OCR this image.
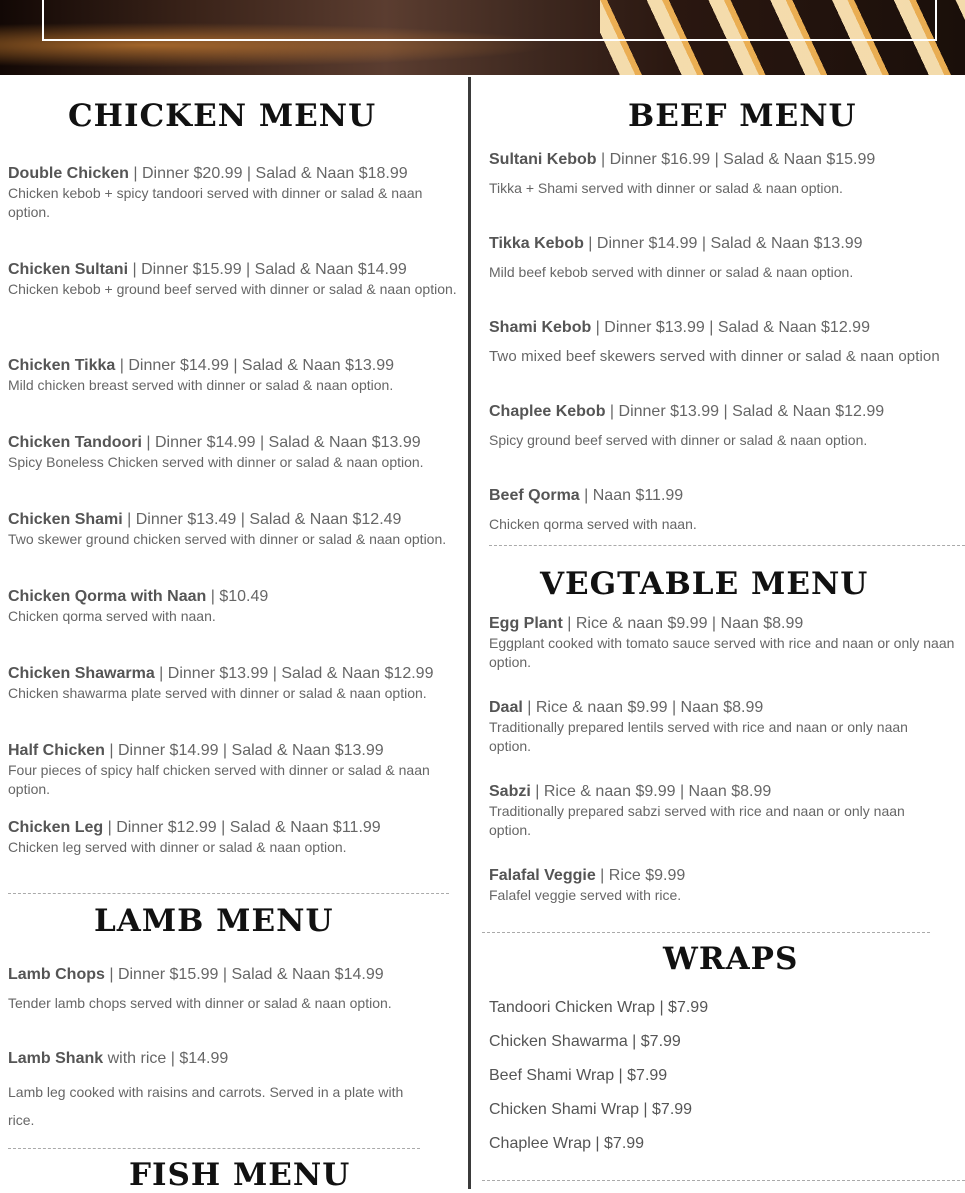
CHICKEN MENU
Double Chicken | Dinner $20.99 | Salad & Naan $18.99
Chicken kebob + spicy tandoori served with dinner or salad & naan option.
Chicken Sultani | Dinner $15.99 | Salad & Naan $14.99
Chicken kebob + ground beef served with dinner or salad & naan option.
Chicken Tikka | Dinner $14.99 | Salad & Naan $13.99
Mild chicken breast served with dinner or salad & naan option.
Chicken Tandoori | Dinner $14.99 | Salad & Naan $13.99
Spicy Boneless Chicken served with dinner or salad & naan option.
Chicken Shami | Dinner $13.49 | Salad & Naan $12.49
Two skewer ground chicken served with dinner or salad & naan option.
Chicken Qorma with Naan | $10.49
Chicken qorma served with naan.
Chicken Shawarma | Dinner $13.99 | Salad & Naan $12.99
Chicken shawarma plate served with dinner or salad & naan option.
Half Chicken | Dinner $14.99 | Salad & Naan $13.99
Four pieces of spicy half chicken served with dinner or salad & naan option.
Chicken Leg | Dinner $12.99 | Salad & Naan $11.99
Chicken leg served with dinner or salad & naan option.
LAMB MENU
Lamb Chops | Dinner $15.99 | Salad & Naan $14.99
Tender lamb chops served with dinner or salad & naan option.
Lamb Shank with rice | $14.99
Lamb leg cooked with raisins and carrots. Served in a plate with rice.
FISH MENU
BEEF MENU
Sultani Kebob | Dinner $16.99 | Salad & Naan $15.99
Tikka + Shami served with dinner or salad & naan option.
Tikka Kebob | Dinner $14.99 | Salad & Naan $13.99
Mild beef kebob served with dinner or salad & naan option.
Shami Kebob | Dinner $13.99 | Salad & Naan $12.99
Two mixed beef skewers served with dinner or salad & naan option
Chaplee Kebob | Dinner $13.99 | Salad & Naan $12.99
Spicy ground beef served with dinner or salad & naan option.
Beef Qorma | Naan $11.99
Chicken qorma served with naan.
VEGTABLE MENU
Egg Plant | Rice & naan $9.99 | Naan $8.99
Eggplant cooked with tomato sauce served with rice and naan or only naan option.
Daal | Rice & naan $9.99 | Naan $8.99
Traditionally prepared lentils served with rice and naan or only naan option.
Sabzi | Rice & naan $9.99 | Naan $8.99
Traditionally prepared sabzi served with rice and naan or only naan option.
Falafal Veggie | Rice $9.99
Falafel veggie served with rice.
WRAPS
Tandoori Chicken Wrap | $7.99
Chicken Shawarma | $7.99
Beef Shami Wrap | $7.99
Chicken Shami Wrap | $7.99
Chaplee Wrap | $7.99
